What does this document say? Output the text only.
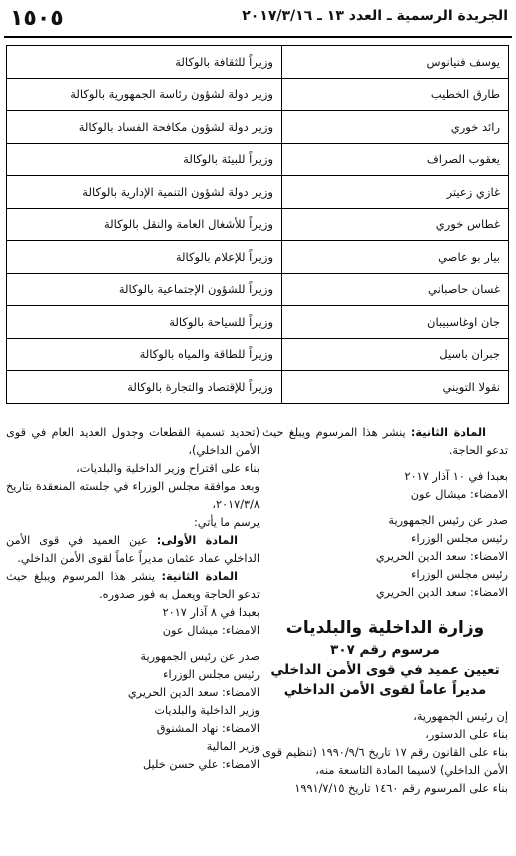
١٥٠٥	الجريدة الرسمية ـ العدد ١٣ ـ ٢٠١٧/٣/١٦
يوسف فنيانوس	وزيراً للثقافة بالوكالة
طارق الخطيب	وزير دولة لشؤون رئاسة الجمهورية بالوكالة
رائد خوري	وزير دولة لشؤون مكافحة الفساد بالوكالة
يعقوب الصراف	وزيراً للبيئة بالوكالة
غازي زعيتر	وزير دولة لشؤون التنمية الإدارية بالوكالة
غطاس خوري	وزيراً للأشغال العامة والنقل بالوكالة
بيار بو عاصي	وزيراً للإعلام بالوكالة
غسان حاصباني	وزيراً للشؤون الإجتماعية بالوكالة
جان اوغاسبيبان	وزيراً للسياحة بالوكالة
جبران باسيل	وزيراً للطاقة والمياه بالوكالة
نقولا التويني	وزيراً للإقتصاد والتجارة بالوكالة

المادة الثانية: ينشر هذا المرسوم ويبلغ حيث تدعو الحاجة.

بعبدا في ١٠ آذار ٢٠١٧

الامضاء: ميشال عون

صدر عن رئيس الجمهورية

رئيس مجلس الوزراء

الامضاء: سعد الدين الحريري

رئيس مجلس الوزراء

الامضاء: سعد الدين الحريري

وزارة الداخلية والبلديات

مرسوم رقم ٣٠٧

تعيين عميد في قوى الأمن الداخلي

مديراً عاماً لقوى الأمن الداخلي

إن رئيس الجمهورية،

بناء على الدستور،

بناء على القانون رقم ١٧ تاريخ ١٩٩٠/٩/٦ (تنظيم قوى الأمن الداخلي) لاسيما المادة التاسعة منه،

بناء على المرسوم رقم ١٤٦٠ تاريخ ١٩٩١/٧/١٥

(تحديد تسمية القطعات وجدول العديد العام في قوى الأمن الداخلي)،

بناء على اقتراح وزير الداخلية والبلديات،

وبعد موافقة مجلس الوزراء في جلسته المنعقدة بتاريخ ٢٠١٧/٣/٨،

يرسم ما يأتي:

المادة الأولى: عين العميد في قوى الأمن الداخلي عماد عثمان مديراً عاماً لقوى الأمن الداخلي.

المادة الثانية: ينشر هذا المرسوم ويبلغ حيث تدعو الحاجة ويعمل به فور صدوره.

بعبدا في ٨ آذار ٢٠١٧

الامضاء: ميشال عون

صدر عن رئيس الجمهورية

رئيس مجلس الوزراء

الامضاء: سعد الدين الحريري

وزير الداخلية والبلديات

الامضاء: نهاد المشنوق

وزير المالية

الامضاء: علي حسن خليل
